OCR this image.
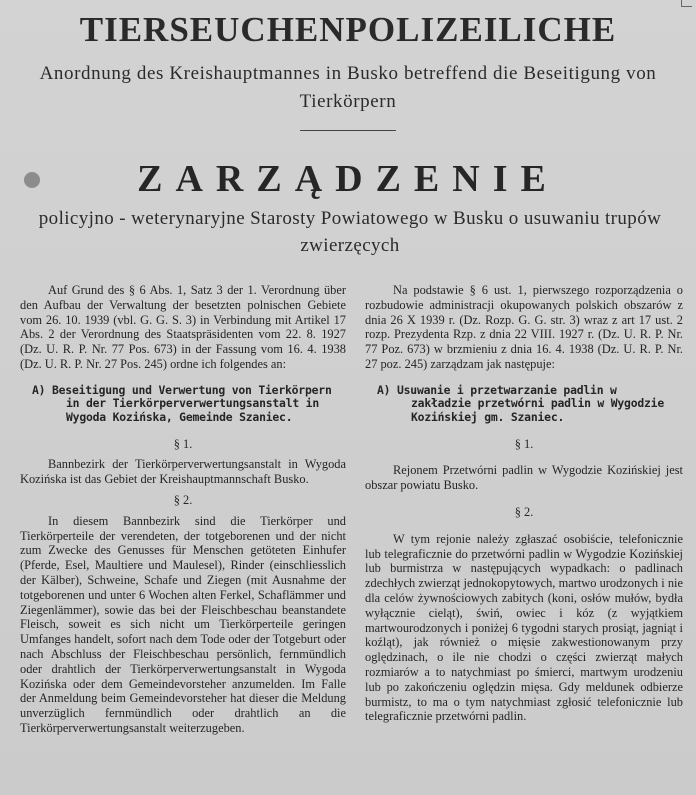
TIERSEUCHENPOLIZEILICHE
Anordnung des Kreishauptmannes in Busko betreffend die Beseitigung von Tierkörpern
ZARZĄDZENIE
policyjno - weterynaryjne Starosty Powiatowego w Busku o usuwaniu trupów zwierzęcych

Auf Grund des § 6 Abs. 1, Satz 3 der 1. Verordnung über den Aufbau der Verwaltung der besetzten polnischen Gebiete vom 26. 10. 1939 (vbl. G. G. S. 3) in Verbindung mit Artikel 17 Abs. 2 der Verordnung des Staatspräsidenten vom 22. 8. 1927 (Dz. U. R. P. Nr. 77 Pos. 673) in der Fassung vom 16. 4. 1938 (Dz. U. R. P. Nr. 27 Pos. 245) ordne ich folgendes an:

A) Beseitigung und Verwertung von Tierkörpern in der Tierkörperverwertungsanstalt in Wygoda Kozińska, Gemeinde Szaniec.

§ 1.

Bannbezirk der Tierkörperverwertungsanstalt in Wygoda Kozińska ist das Gebiet der Kreishauptmannschaft Busko.

§ 2.

In diesem Bannbezirk sind die Tierkörper und Tierkörperteile der verendeten, der totgeborenen und der nicht zum Zwecke des Genusses für Menschen getöteten Einhufer (Pferde, Esel, Maultiere und Maulesel), Rinder (einschliesslich der Kälber), Schweine, Schafe und Ziegen (mit Ausnahme der totgeborenen und unter 6 Wochen alten Ferkel, Schaflämmer und Ziegenlämmer), sowie das bei der Fleischbeschau beanstandete Fleisch, soweit es sich nicht um Tierkörperteile geringen Umfanges handelt, sofort nach dem Tode oder der Totgeburt oder nach Abschluss der Fleischbeschau persönlich, fernmündlich oder drahtlich der Tierkörperverwertungsanstalt in Wygoda Kozińska oder dem Gemeindevorsteher anzumelden. Im Falle der Anmeldung beim Gemeindevorsteher hat dieser die Meldung unverzüglich fernmündlich oder drahtlich an die Tierkörperverwertungsanstalt weiterzugeben.

Na podstawie § 6 ust. 1, pierwszego rozporządzenia o rozbudowie administracji okupowanych polskich obszarów z dnia 26 X 1939 r. (Dz. Rozp. G. G. str. 3) wraz z art 17 ust. 2 rozp. Prezydenta Rzp. z dnia 22 VIII. 1927 r. (Dz. U. R. P. Nr. 77 Poz. 673) w brzmieniu z dnia 16. 4. 1938 (Dz. U. R. P. Nr. 27 poz. 245) zarządzam jak następuje:

A) Usuwanie i przetwarzanie padlin w zakładzie przetwórni padlin w Wygodzie Kozińskiej gm. Szaniec.

§ 1.

Rejonem Przetwórni padlin w Wygodzie Kozińskiej jest obszar powiatu Busko.

§ 2.

W tym rejonie należy zgłaszać osobiście, telefonicznie lub telegraficznie do przetwórni padlin w Wygodzie Kozińskiej lub burmistrza w następujących wypadkach: o padlinach zdechłych zwierząt jednokopytowych, martwo urodzonych i nie dla celów żywnościowych zabitych (koni, osłów mułów, bydła wyłącznie cieląt), świń, owiec i kóz (z wyjątkiem martwourodzonych i poniżej 6 tygodni starych prosiąt, jagniąt i koźląt), jak również o mięsie zakwestionowanym przy oględzinach, o ile nie chodzi o części zwierząt małych rozmiarów a to natychmiast po śmierci, martwym urodzeniu lub po zakończeniu oględzin mięsa. Gdy meldunek odbierze burmistz, to ma o tym natychmiast zgłosić telefonicznie lub telegraficznie przetwórni padlin.
